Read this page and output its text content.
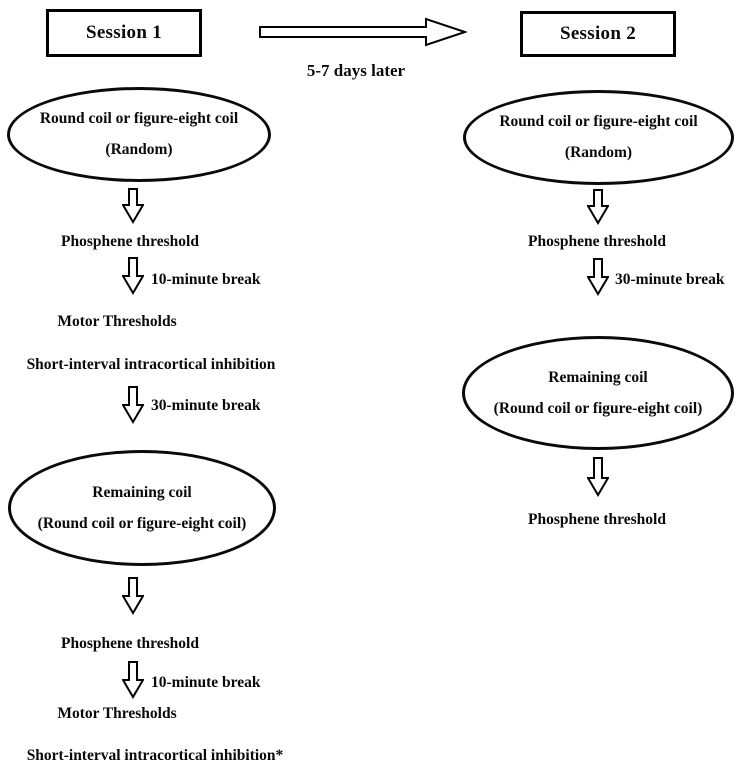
Session 1
5-7 days later
Session 2
Round coil or figure-eight coil
(Random)
Phosphene threshold
10-minute break
Motor Thresholds
Short-interval intracortical inhibition
30-minute break
Remaining coil
(Round coil or figure-eight coil)
Phosphene threshold
10-minute break
Motor Thresholds
Short-interval intracortical inhibition*
Round coil or figure-eight coil
(Random)
Phosphene threshold
30-minute break
Remaining coil
(Round coil or figure-eight coil)
Phosphene threshold
